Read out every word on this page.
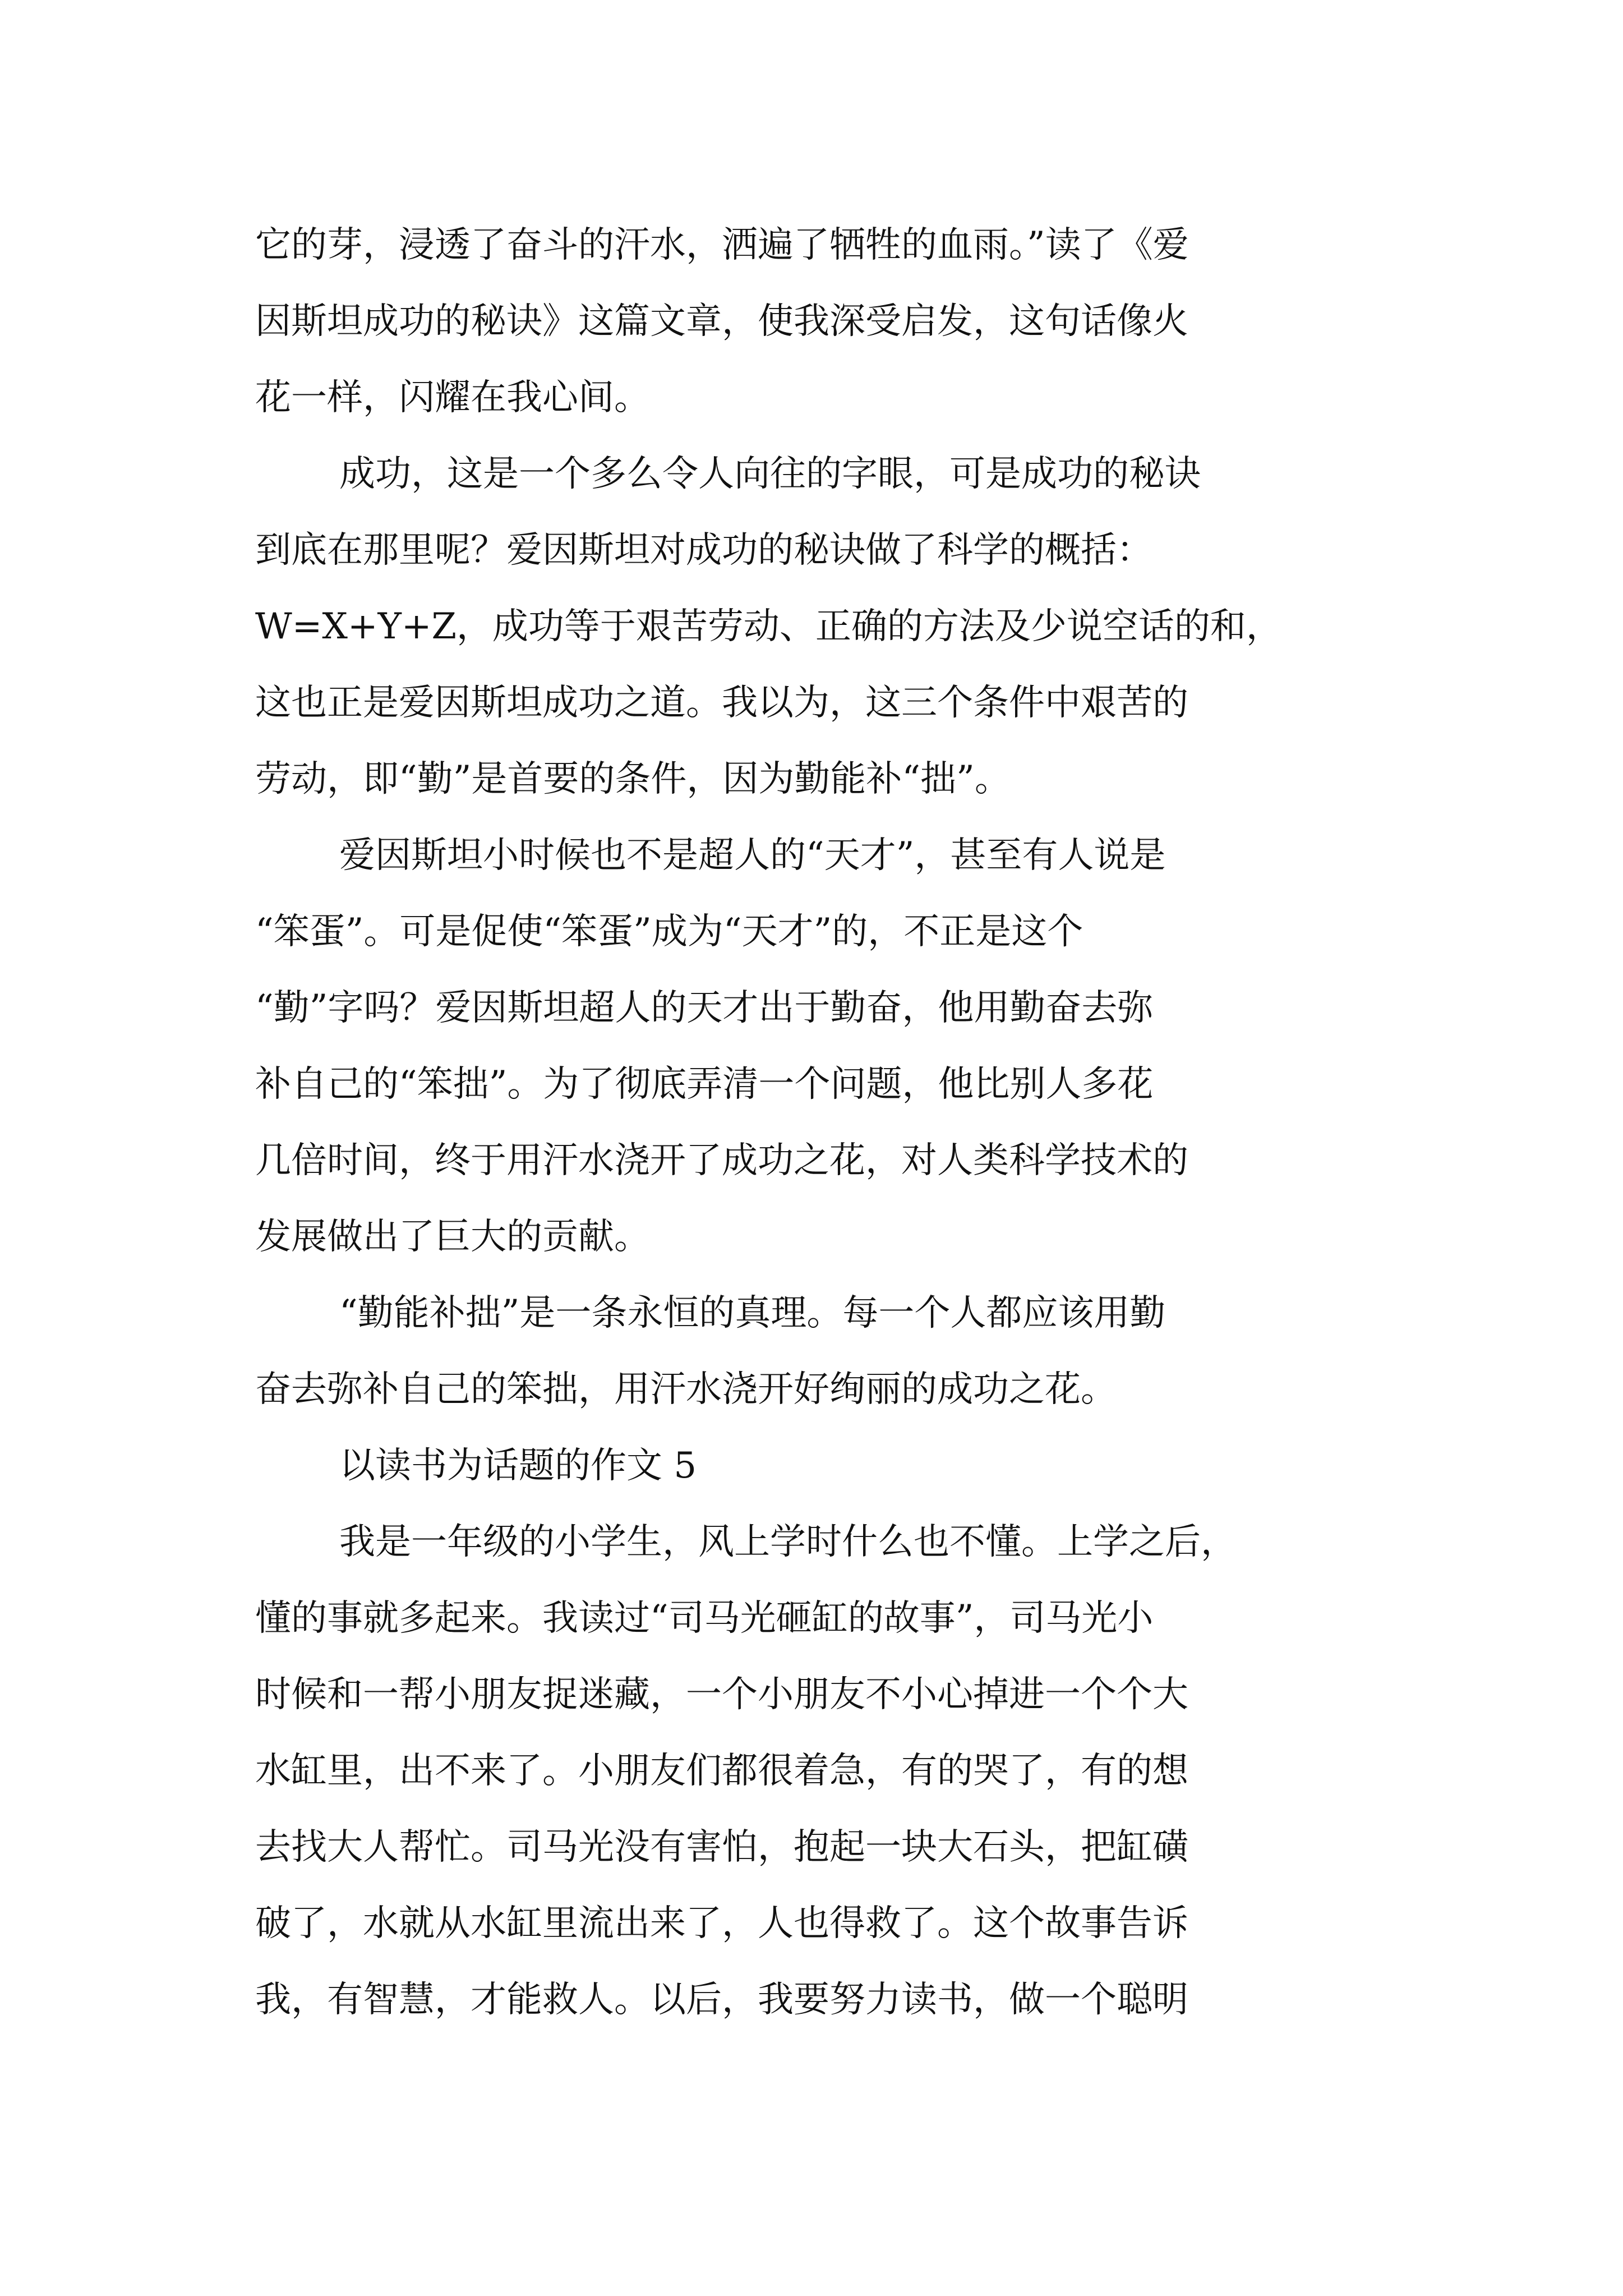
它的芽，浸透了奋斗的汗水，洒遍了牺牲的血雨。”读了《爱
因斯坦成功的秘诀》这篇文章，使我深受启发，这句话像火
花一样，闪耀在我心间。
成功，这是一个多么令人向往的字眼，可是成功的秘诀
到底在那里呢？爱因斯坦对成功的秘诀做了科学的概括：
W=X+Y+Z，成功等于艰苦劳动、正确的方法及少说空话的和，
这也正是爱因斯坦成功之道。我以为，这三个条件中艰苦的
劳动，即“勤”是首要的条件，因为勤能补“拙”。
爱因斯坦小时候也不是超人的“天才”，甚至有人说是
“笨蛋”。可是促使“笨蛋”成为“天才”的，不正是这个
“勤”字吗？爱因斯坦超人的天才出于勤奋，他用勤奋去弥
补自己的“笨拙”。为了彻底弄清一个问题，他比别人多花
几倍时间，终于用汗水浇开了成功之花，对人类科学技术的
发展做出了巨大的贡献。
“勤能补拙”是一条永恒的真理。每一个人都应该用勤
奋去弥补自己的笨拙，用汗水浇开好绚丽的成功之花。
以读书为话题的作文 5
我是一年级的小学生，风上学时什么也不懂。上学之后，
懂的事就多起来。我读过“司马光砸缸的故事”，司马光小
时候和一帮小朋友捉迷藏，一个小朋友不小心掉进一个个大
水缸里，出不来了。小朋友们都很着急，有的哭了，有的想
去找大人帮忙。司马光没有害怕，抱起一块大石头，把缸磺
破了，水就从水缸里流出来了，人也得救了。这个故事告诉
我，有智慧，才能救人。以后，我要努力读书，做一个聪明
